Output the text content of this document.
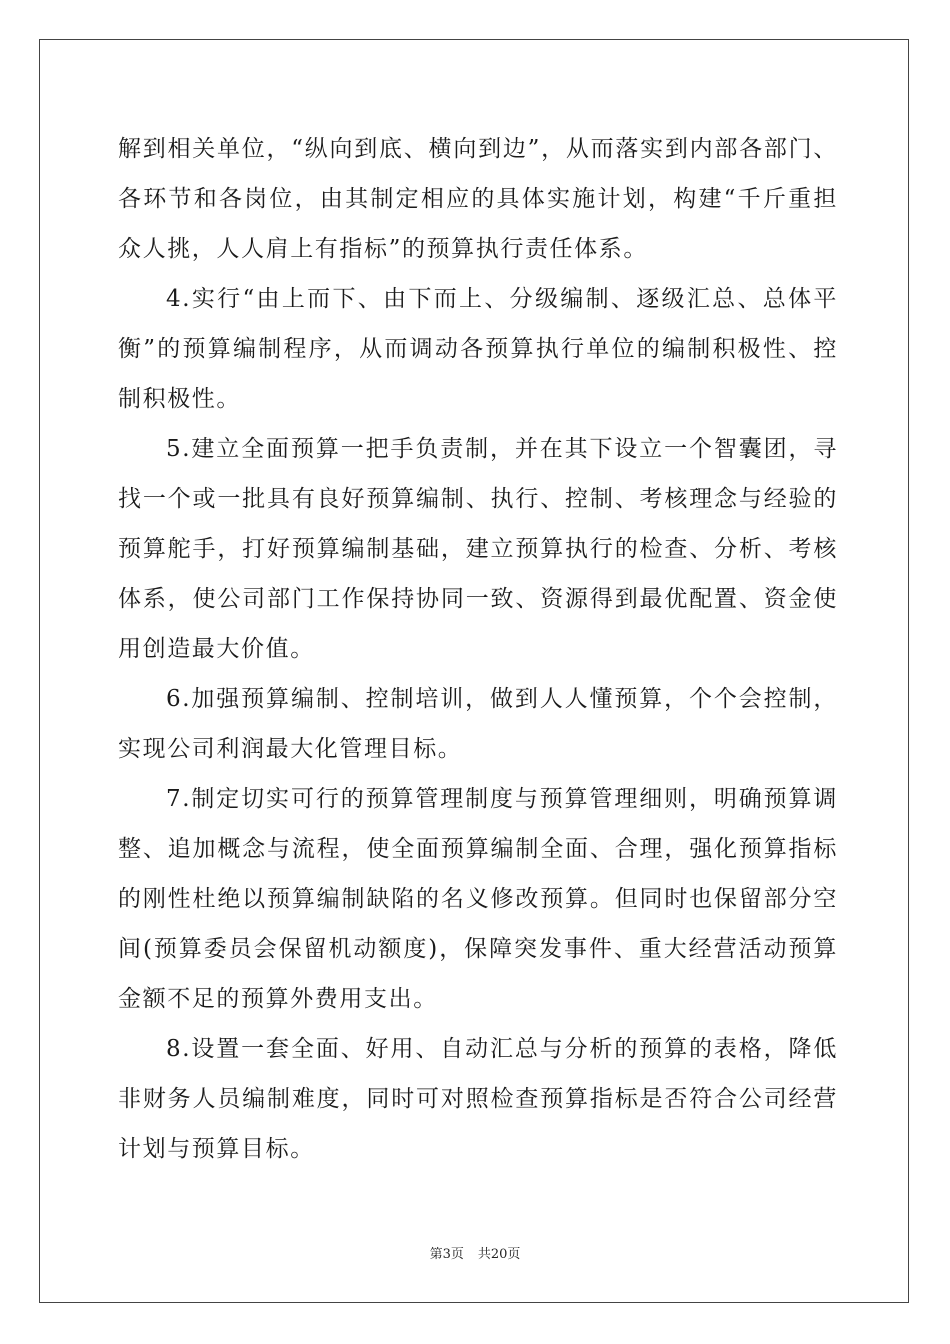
解到相关单位，“纵向到底、横向到边”，从而落实到内部各部门、各环节和各岗位，由其制定相应的具体实施计划，构建“千斤重担众人挑，人人肩上有指标”的预算执行责任体系。

4.实行“由上而下、由下而上、分级编制、逐级汇总、总体平衡”的预算编制程序，从而调动各预算执行单位的编制积极性、控制积极性。

5.建立全面预算一把手负责制，并在其下设立一个智囊团，寻找一个或一批具有良好预算编制、执行、控制、考核理念与经验的预算舵手，打好预算编制基础，建立预算执行的检查、分析、考核体系，使公司部门工作保持协同一致、资源得到最优配置、资金使用创造最大价值。

6.加强预算编制、控制培训，做到人人懂预算，个个会控制，实现公司利润最大化管理目标。

7.制定切实可行的预算管理制度与预算管理细则，明确预算调整、追加概念与流程，使全面预算编制全面、合理，强化预算指标的刚性杜绝以预算编制缺陷的名义修改预算。但同时也保留部分空间(预算委员会保留机动额度)，保障突发事件、重大经营活动预算金额不足的预算外费用支出。

8.设置一套全面、好用、自动汇总与分析的预算的表格，降低非财务人员编制难度，同时可对照检查预算指标是否符合公司经营计划与预算目标。

第3页 共20页
